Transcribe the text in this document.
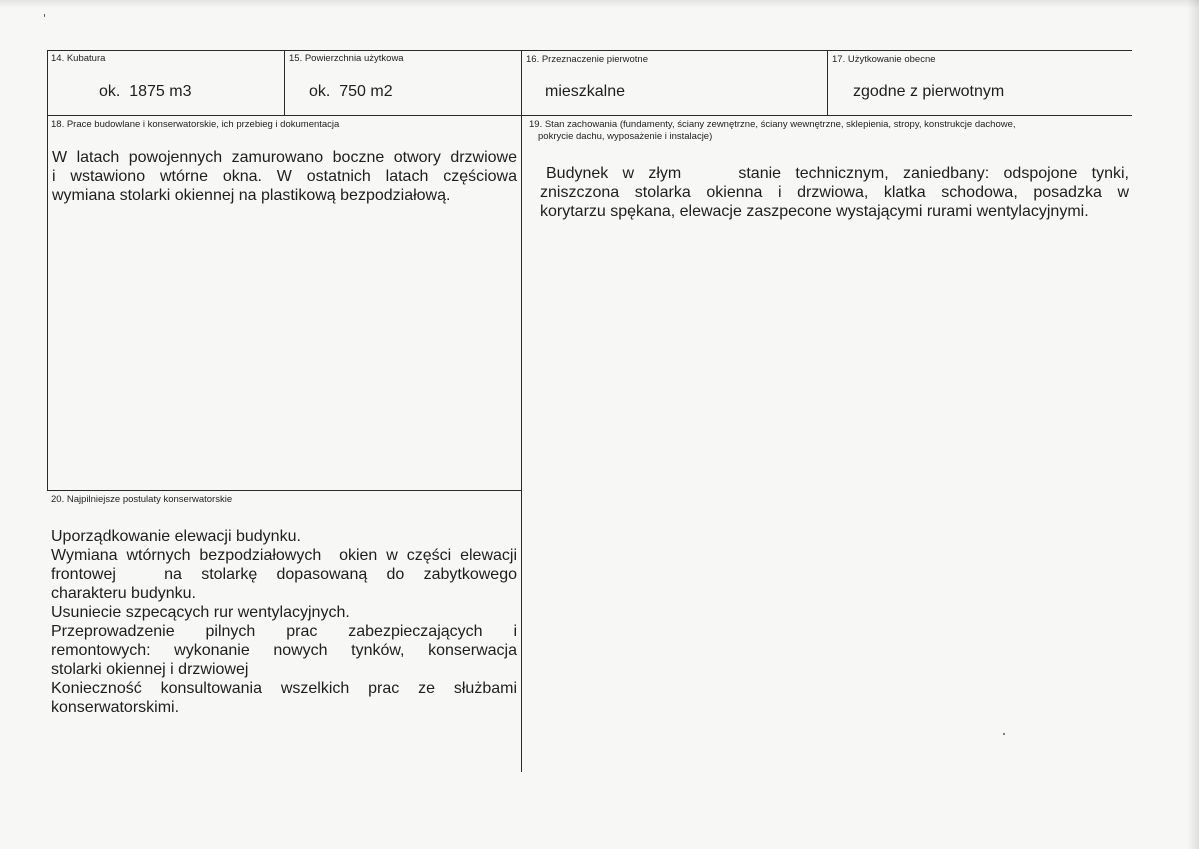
14. Kubatura
ok.  1875 m3
15. Powierzchnia użytkowa
ok.  750 m2
16. Przeznaczenie pierwotne
mieszkalne
17. Użytkowanie obecne
zgodne z pierwotnym
18. Prace budowlane i konserwatorskie, ich przebieg i dokumentacja
W latach powojennych zamurowano boczne otwory drzwiowe
i wstawiono wtórne okna. W ostatnich latach częściowa
wymiana stolarki okiennej na plastikową bezpodziałową.
19. Stan zachowania (fundamenty, ściany zewnętrzne, ściany wewnętrzne, sklepienia, stropy, konstrukcje dachowe,
pokrycie dachu, wyposażenie i instalacje)
Budynek w złym    stanie technicznym, zaniedbany: odspojone tynki,
zniszczona stolarka okienna i drzwiowa, klatka schodowa, posadzka w
korytarzu spękana, elewacje zaszpecone wystającymi rurami wentylacyjnymi.
20. Najpilniejsze postulaty konserwatorskie
Uporządkowanie elewacji budynku.
Wymiana wtórnych bezpodziałowych  okien w części elewacji
frontowej     na  stolarkę  dopasowaną  do  zabytkowego
charakteru budynku.
Usuniecie szpecących rur wentylacyjnych.
Przeprowadzenie    pilnych    prac    zabezpieczających    i
remontowych:  wykonanie  nowych  tynków,  konserwacja
stolarki okiennej i drzwiowej
Konieczność  konsultowania  wszelkich  prac  ze  służbami
konserwatorskimi.
